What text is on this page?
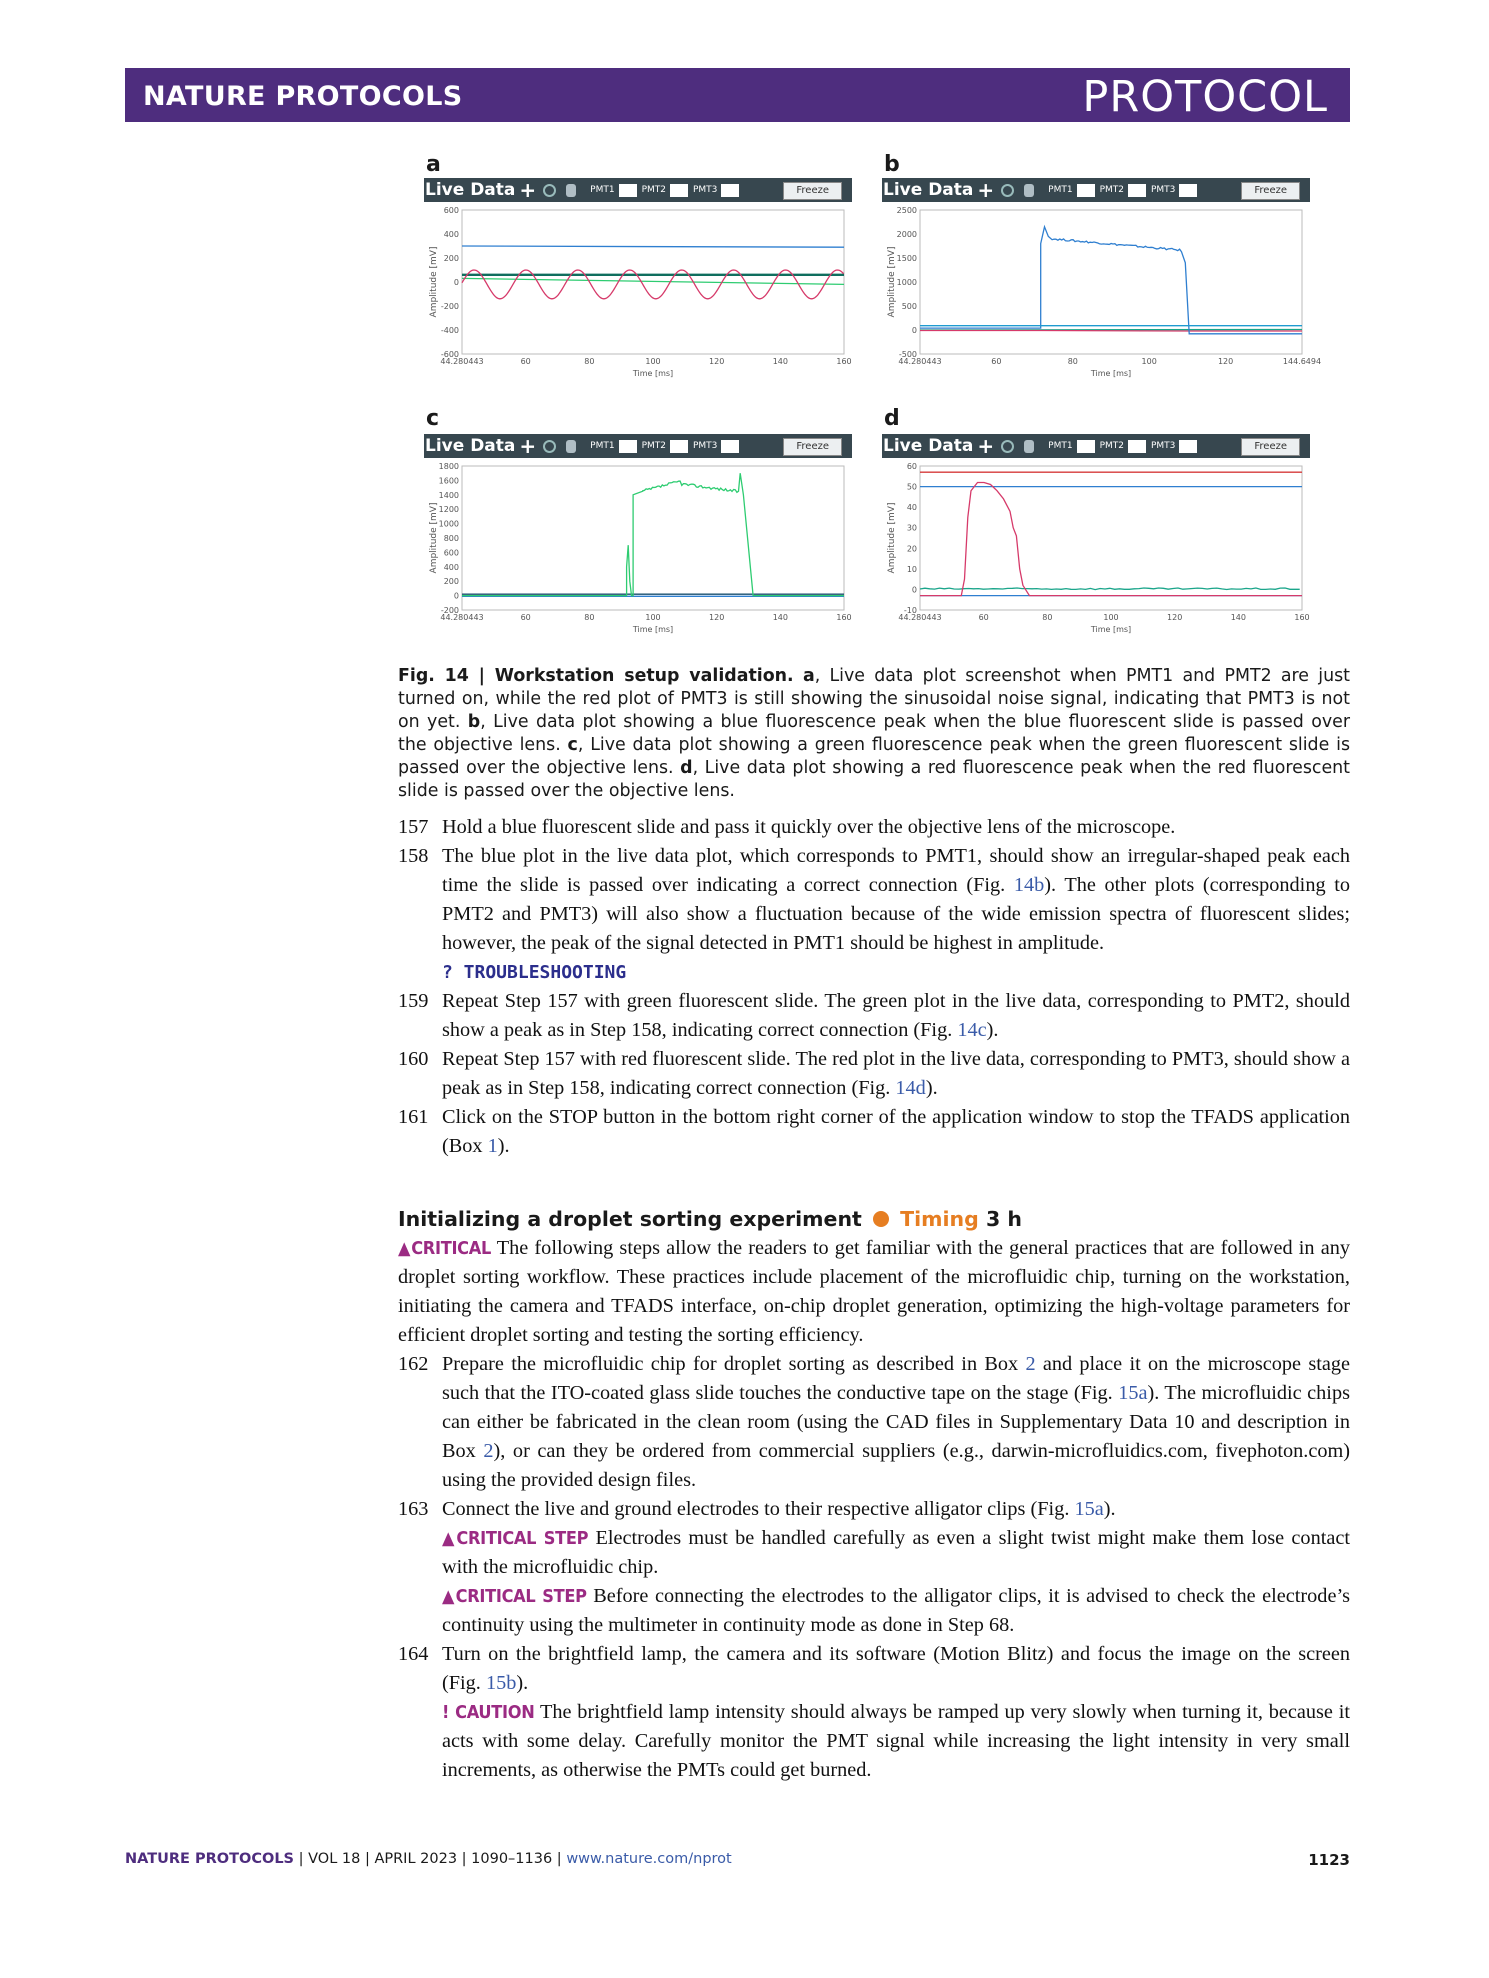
NATURE PROTOCOLS	PROTOCOL
a	b
c	d
Live Data +	PMT1	PMT2	PMT3	Freeze
600
400
200
0
-200
-400
-600
44.280443	60	80	100	120	140	160
Time [ms]
Amplitude [mV]
Live Data +	PMT1	PMT2	PMT3	Freeze
2500
2000
1500
1000
500
0
-500
44.280443	60	80	100	120	144.6494
Time [ms]
Amplitude [mV]
Live Data +	PMT1	PMT2	PMT3	Freeze
1800
1600
1400
1200
1000
800
600
400
200
0
-200
44.280443	60	80	100	120	140	160
Time [ms]
Amplitude [mV]
Live Data +	PMT1	PMT2	PMT3	Freeze
60
50
40
30
20
10
0
-10
44.280443	60	80	100	120	140	160
Time [ms]
Amplitude [mV]
Fig. 14 | Workstation setup validation. a, Live data plot screenshot when PMT1 and PMT2 are just turned on, while the red plot of PMT3 is still showing the sinusoidal noise signal, indicating that PMT3 is not on yet. b, Live data plot showing a blue fluorescence peak when the blue fluorescent slide is passed over the objective lens. c, Live data plot showing a green fluorescence peak when the green fluorescent slide is passed over the objective lens. d, Live data plot showing a red fluorescence peak when the red fluorescent slide is passed over the objective lens.
157 Hold a blue fluorescent slide and pass it quickly over the objective lens of the microscope.
158 The blue plot in the live data plot, which corresponds to PMT1, should show an irregular-shaped peak each time the slide is passed over indicating a correct connection (Fig. 14b). The other plots (corresponding to PMT2 and PMT3) will also show a fluctuation because of the wide emission spectra of fluorescent slides; however, the peak of the signal detected in PMT1 should be highest in amplitude.
? TROUBLESHOOTING
159 Repeat Step 157 with green fluorescent slide. The green plot in the live data, corresponding to PMT2, should show a peak as in Step 158, indicating correct connection (Fig. 14c).
160 Repeat Step 157 with red fluorescent slide. The red plot in the live data, corresponding to PMT3, should show a peak as in Step 158, indicating correct connection (Fig. 14d).
161 Click on the STOP button in the bottom right corner of the application window to stop the TFADS application (Box 1).
Initializing a droplet sorting experiment Timing 3 h
▲CRITICAL The following steps allow the readers to get familiar with the general practices that are followed in any droplet sorting workflow. These practices include placement of the microfluidic chip, turning on the workstation, initiating the camera and TFADS interface, on-chip droplet generation, optimizing the high-voltage parameters for efficient droplet sorting and testing the sorting efficiency.
162 Prepare the microfluidic chip for droplet sorting as described in Box 2 and place it on the microscope stage such that the ITO-coated glass slide touches the conductive tape on the stage (Fig. 15a). The microfluidic chips can either be fabricated in the clean room (using the CAD files in Supplementary Data 10 and description in Box 2), or can they be ordered from commercial suppliers (e.g., darwin-microfluidics.com, fivephoton.com) using the provided design files.
163 Connect the live and ground electrodes to their respective alligator clips (Fig. 15a).
▲CRITICAL STEP Electrodes must be handled carefully as even a slight twist might make them lose contact with the microfluidic chip.
▲CRITICAL STEP Before connecting the electrodes to the alligator clips, it is advised to check the electrode’s continuity using the multimeter in continuity mode as done in Step 68.
164 Turn on the brightfield lamp, the camera and its software (Motion Blitz) and focus the image on the screen (Fig. 15b).
! CAUTION The brightfield lamp intensity should always be ramped up very slowly when turning it, because it acts with some delay. Carefully monitor the PMT signal while increasing the light intensity in very small increments, as otherwise the PMTs could get burned.
NATURE PROTOCOLS | VOL 18 | APRIL 2023 | 1090–1136 | www.nature.com/nprot	1123
